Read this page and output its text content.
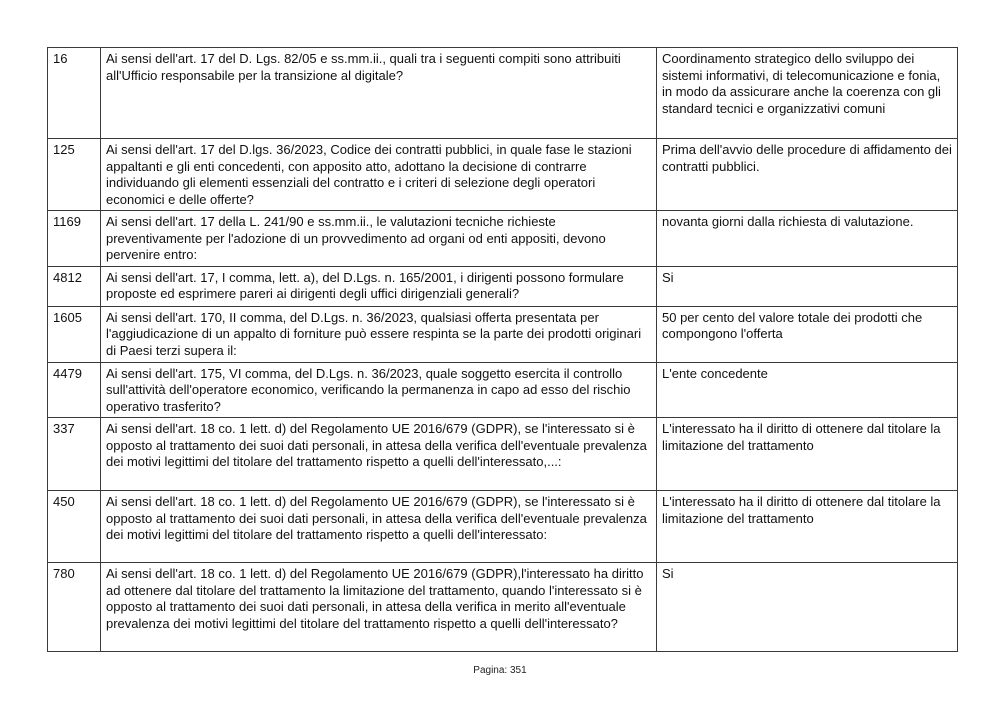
16	Ai sensi dell'art. 17 del D. Lgs. 82/05 e ss.mm.ii., quali tra i seguenti compiti sono attribuiti all'Ufficio responsabile per la transizione al digitale?	Coordinamento strategico dello sviluppo dei sistemi informativi, di telecomunicazione e fonia, in modo da assicurare anche la coerenza con gli standard tecnici e organizzativi comuni
125	Ai sensi dell'art. 17 del D.lgs. 36/2023, Codice dei contratti pubblici, in quale fase le stazioni appaltanti e gli enti concedenti, con apposito atto, adottano la decisione di contrarre individuando gli elementi essenziali del contratto e i criteri di selezione degli operatori economici e delle offerte?	Prima dell'avvio delle procedure di affidamento dei contratti pubblici.
1169	Ai sensi dell'art. 17 della L. 241/90 e ss.mm.ii., le valutazioni tecniche richieste preventivamente per l'adozione di un provvedimento ad organi od enti appositi, devono pervenire entro:	novanta giorni dalla richiesta di valutazione.
4812	Ai sensi dell'art. 17, I comma, lett. a), del D.Lgs. n. 165/2001, i dirigenti possono formulare proposte ed esprimere pareri ai dirigenti degli uffici dirigenziali generali?	Si
1605	Ai sensi dell'art. 170, II comma, del D.Lgs. n. 36/2023, qualsiasi offerta presentata per l'aggiudicazione di un appalto di forniture può essere respinta se la parte dei prodotti originari di Paesi terzi supera il:	50 per cento del valore totale dei prodotti che compongono l'offerta
4479	Ai sensi dell'art. 175, VI comma, del D.Lgs. n. 36/2023, quale soggetto esercita il controllo sull'attività dell'operatore economico, verificando la permanenza in capo ad esso del rischio operativo trasferito?	L'ente concedente
337	Ai sensi dell'art. 18 co. 1 lett. d) del Regolamento UE 2016/679 (GDPR), se l'interessato si è opposto al trattamento dei suoi dati personali, in attesa della verifica dell'eventuale prevalenza dei motivi legittimi del titolare del trattamento rispetto a quelli dell'interessato,...:	L'interessato ha il diritto di ottenere dal titolare la limitazione del trattamento
450	Ai sensi dell'art. 18 co. 1 lett. d) del Regolamento UE 2016/679 (GDPR), se l'interessato si è opposto al trattamento dei suoi dati personali, in attesa della verifica dell'eventuale prevalenza dei motivi legittimi del titolare del trattamento rispetto a quelli dell'interessato:	L'interessato ha il diritto di ottenere dal titolare la limitazione del trattamento
780	Ai sensi dell'art. 18 co. 1 lett. d) del Regolamento UE 2016/679 (GDPR),l'interessato ha diritto ad ottenere dal titolare del trattamento la limitazione del trattamento, quando l'interessato si è opposto al trattamento dei suoi dati personali, in attesa della verifica in merito all'eventuale prevalenza dei motivi legittimi del titolare del trattamento rispetto a quelli dell'interessato?	Si
Pagina: 351
